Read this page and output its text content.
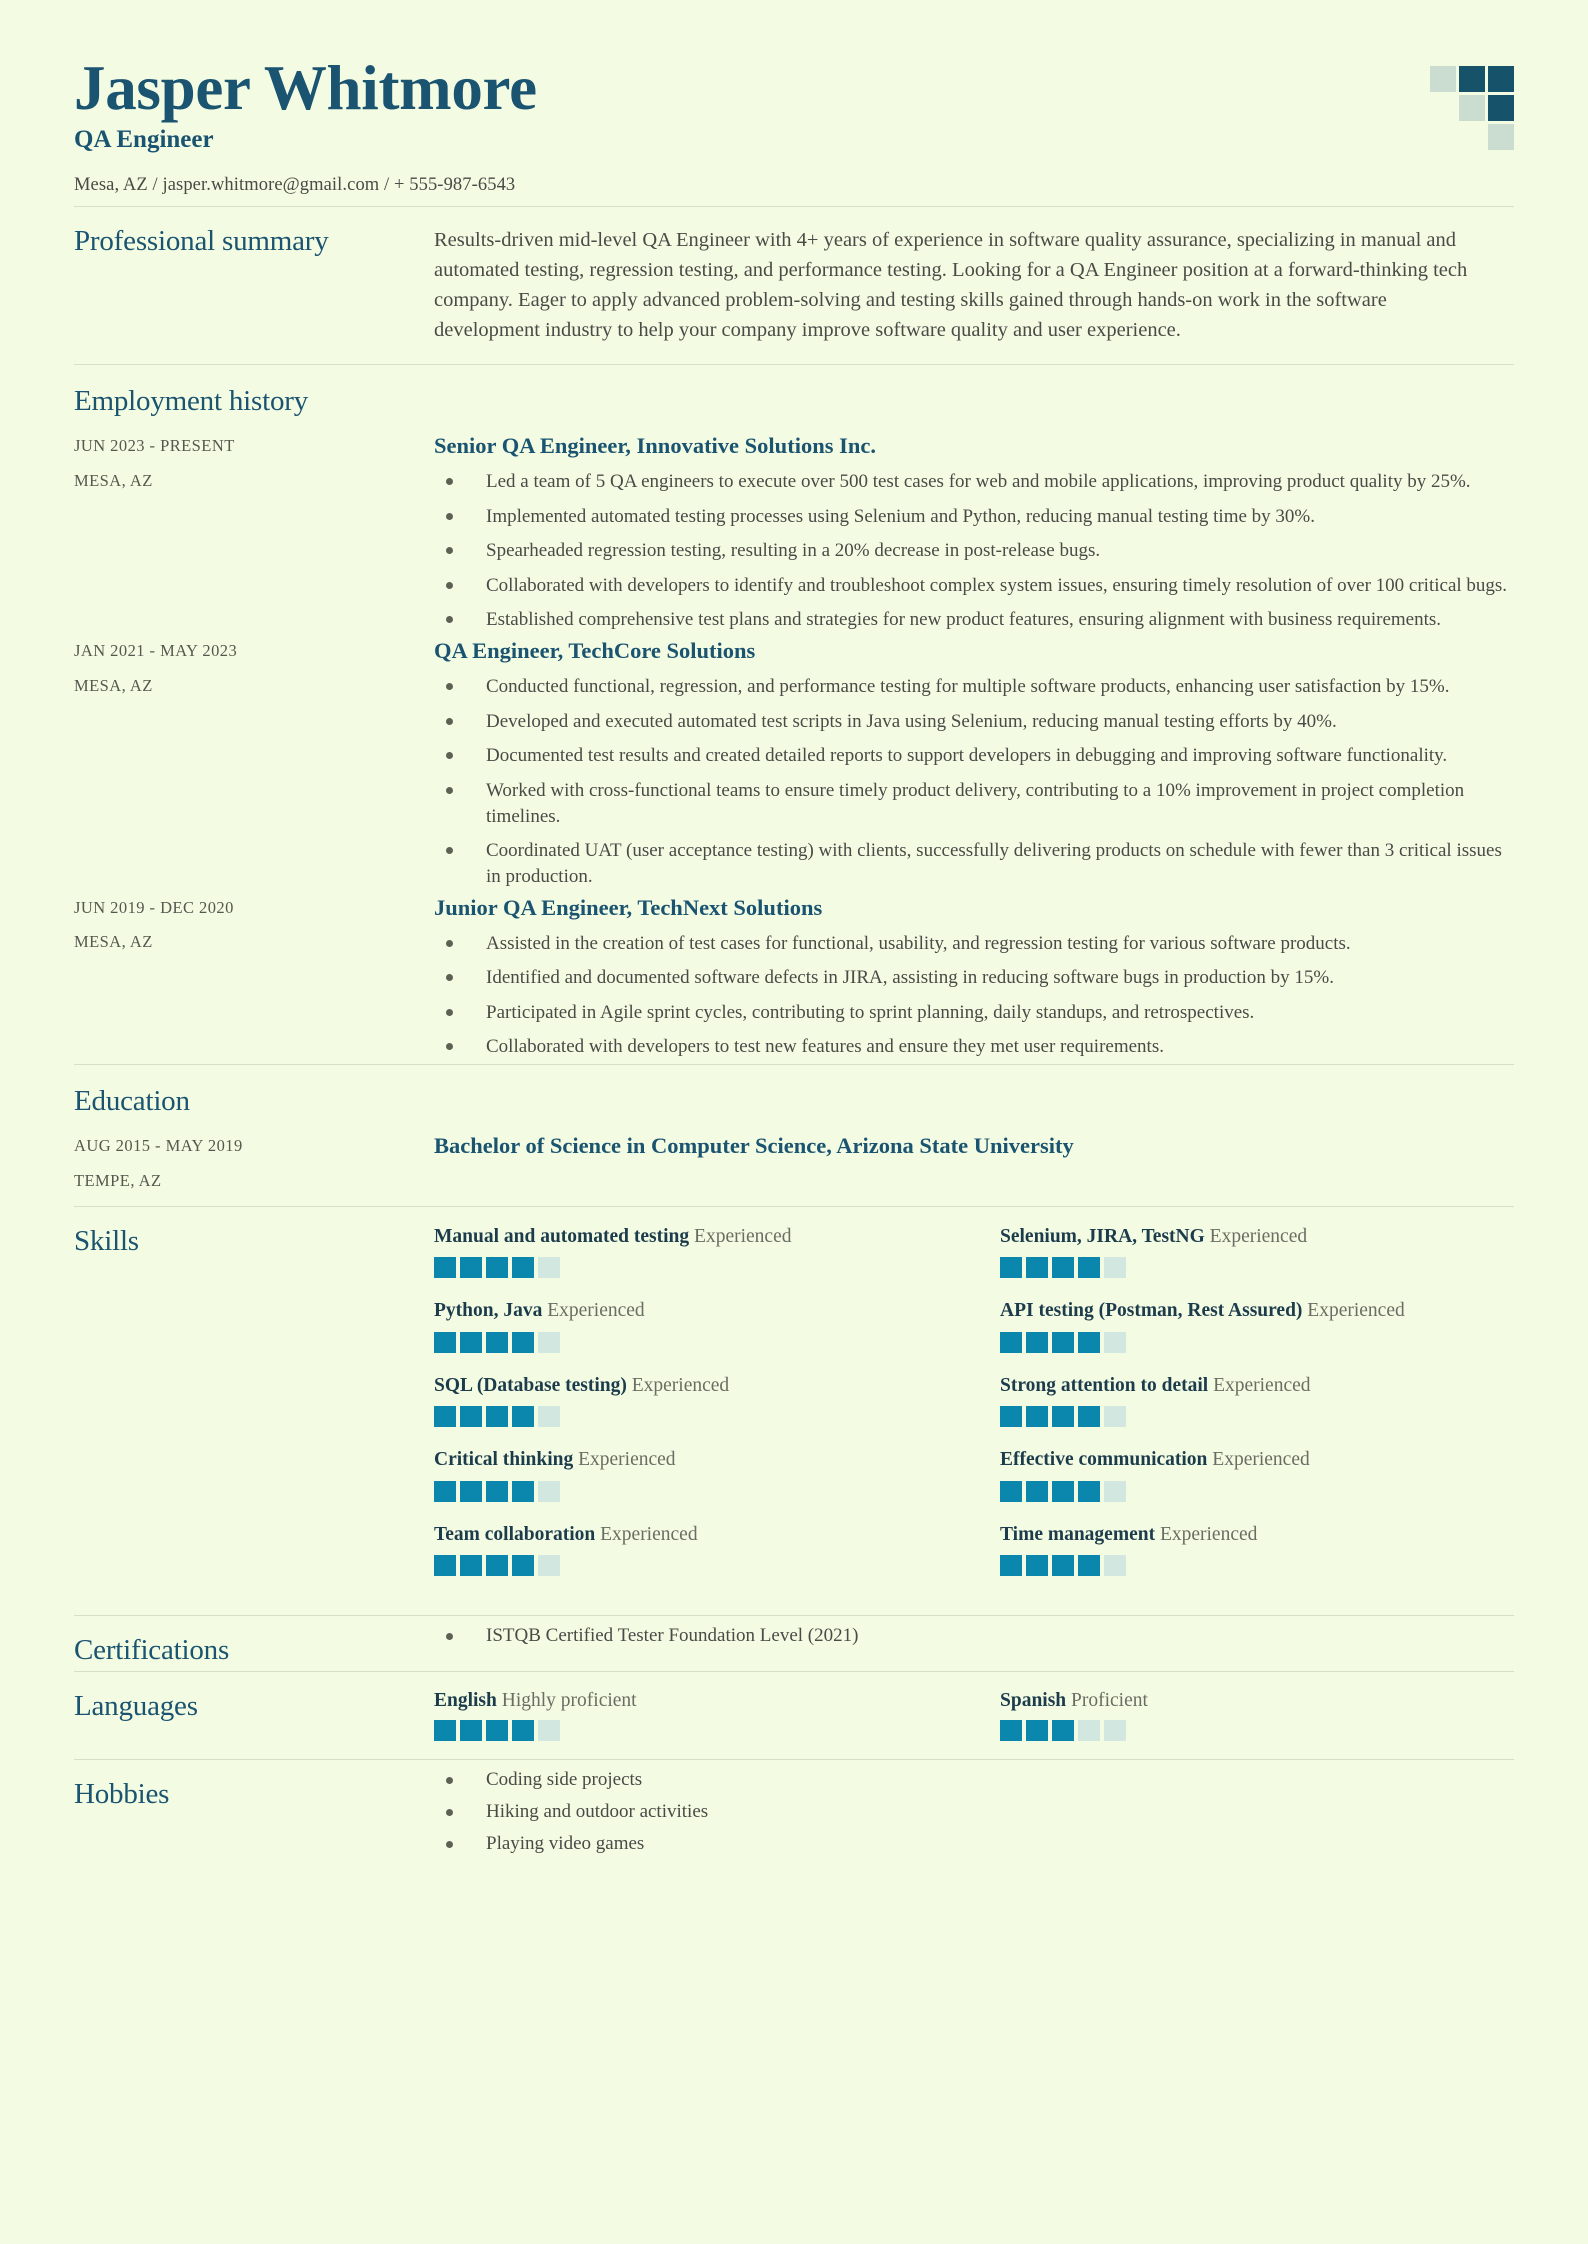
Jasper Whitmore
QA Engineer
Mesa, AZ / jasper.whitmore@gmail.com / + 555-987-6543
Professional summary	Results-driven mid-level QA Engineer with 4+ years of experience in software quality assurance, specializing in manual and automated testing, regression testing, and performance testing. Looking for a QA Engineer position at a forward-thinking tech company. Eager to apply advanced problem-solving and testing skills gained through hands-on work in the software development industry to help your company improve software quality and user experience.

Employment history
JUN 2023 - PRESENT
MESA, AZ
Senior QA Engineer, Innovative Solutions Inc.
Led a team of 5 QA engineers to execute over 500 test cases for web and mobile applications, improving product quality by 25%.
Implemented automated testing processes using Selenium and Python, reducing manual testing time by 30%.
Spearheaded regression testing, resulting in a 20% decrease in post-release bugs.
Collaborated with developers to identify and troubleshoot complex system issues, ensuring timely resolution of over 100 critical bugs.
Established comprehensive test plans and strategies for new product features, ensuring alignment with business requirements.
JAN 2021 - MAY 2023
MESA, AZ
QA Engineer, TechCore Solutions
Conducted functional, regression, and performance testing for multiple software products, enhancing user satisfaction by 15%.
Developed and executed automated test scripts in Java using Selenium, reducing manual testing efforts by 40%.
Documented test results and created detailed reports to support developers in debugging and improving software functionality.
Worked with cross-functional teams to ensure timely product delivery, contributing to a 10% improvement in project completion timelines.
Coordinated UAT (user acceptance testing) with clients, successfully delivering products on schedule with fewer than 3 critical issues in production.
JUN 2019 - DEC 2020
MESA, AZ
Junior QA Engineer, TechNext Solutions
Assisted in the creation of test cases for functional, usability, and regression testing for various software products.
Identified and documented software defects in JIRA, assisting in reducing software bugs in production by 15%.
Participated in Agile sprint cycles, contributing to sprint planning, daily standups, and retrospectives.
Collaborated with developers to test new features and ensure they met user requirements.
Education
AUG 2015 - MAY 2019
TEMPE, AZ
Bachelor of Science in Computer Science, Arizona State University
Skills	Manual and automated testing Experienced	Selenium, JIRA, TestNG Experienced
Python, Java Experienced	API testing (Postman, Rest Assured) Experienced
SQL (Database testing) Experienced	Strong attention to detail Experienced
Critical thinking Experienced	Effective communication Experienced
Team collaboration Experienced	Time management Experienced
Certifications	ISTQB Certified Tester Foundation Level (2021)
Languages	English Highly proficient	Spanish Proficient
Hobbies	Coding side projects
Hiking and outdoor activities
Playing video games
